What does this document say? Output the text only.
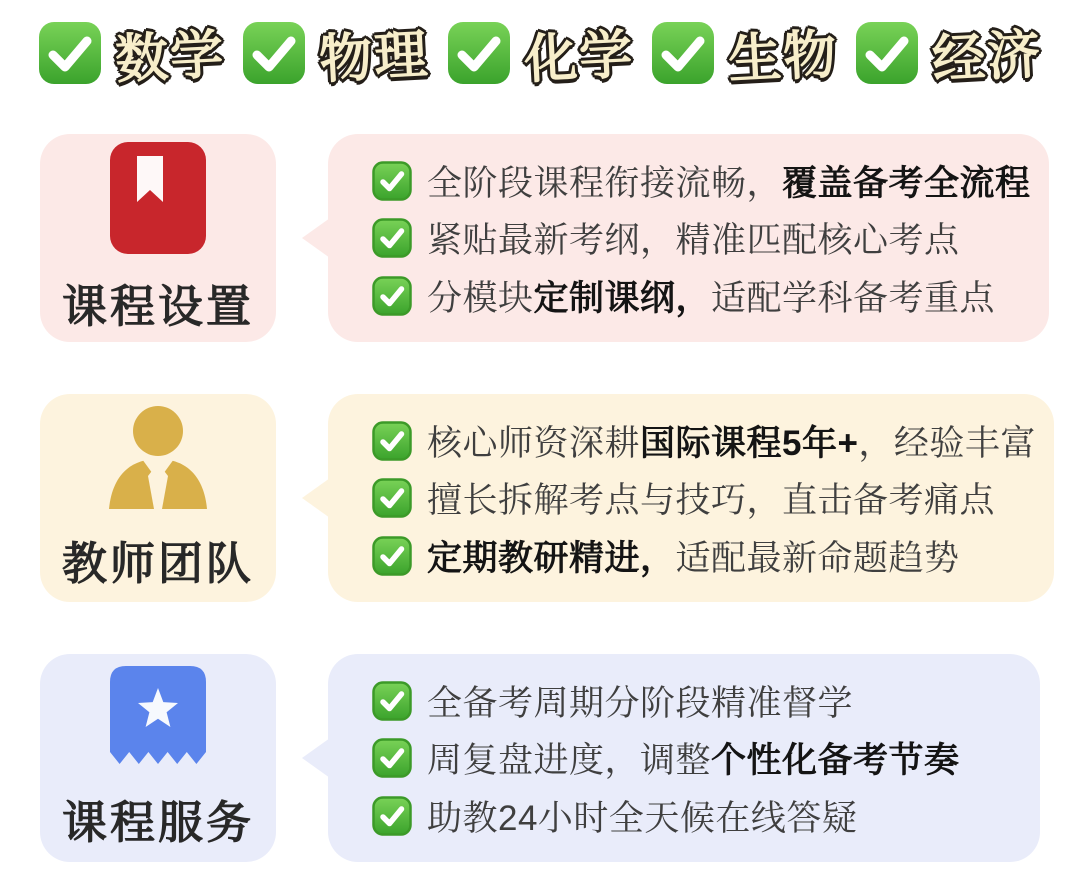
数学 物理 化学 生物 经济
课程设置
全阶段课程衔接流畅，覆盖备考全流程
紧贴最新考纲，精准匹配核心考点
分模块定制课纲，适配学科备考重点
教师团队
核心师资深耕国际课程5年+，经验丰富
擅长拆解考点与技巧，直击备考痛点
定期教研精进，适配最新命题趋势
课程服务
全备考周期分阶段精准督学
周复盘进度，调整个性化备考节奏
助教24小时全天候在线答疑
